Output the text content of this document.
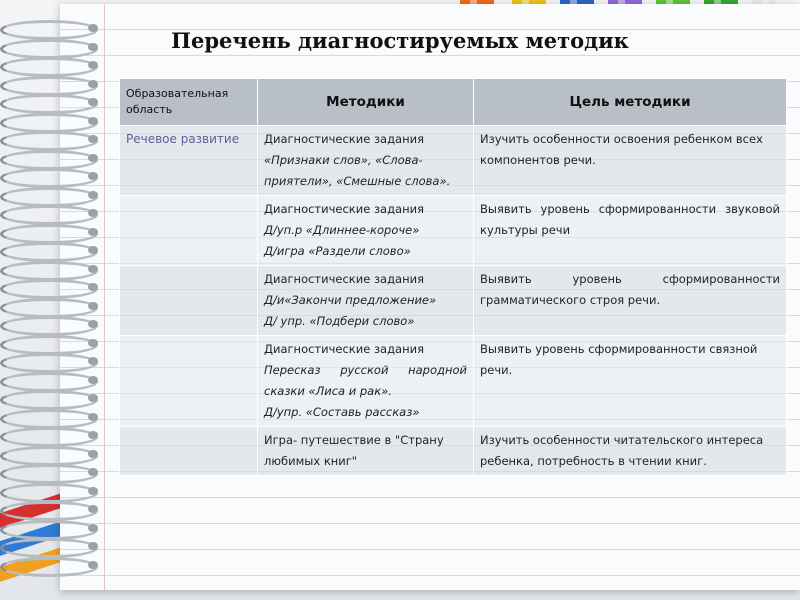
Перечень диагностируемых методик
Образовательная
область	Методики	Цель методики
Речевое развитие	Диагностические задания
«Признаки слов», «Слова-
приятели», «Смешные слова».	Изучить особенности освоения ребенком всех компонентов речи.

	Диагностические задания
Д/уп.р «Длиннее-короче»
Д/игра «Раздели слово»	Выявить уровень сформированности звуковой культуры речи

	Диагностические задания
Д/и«Закончи предложение»
Д/ упр. «Подбери слово»	Выявить уровень сформированности грамматического строя речи.

	Диагностические задания
Пересказ русской народной сказки «Лиса и рак».
Д/упр. «Составь рассказ»	Выявить уровень сформированности связной речи.

	Игра- путешествие в "Страну любимых книг"	Изучить особенности читательского интереса ребенка, потребность в чтении книг.
